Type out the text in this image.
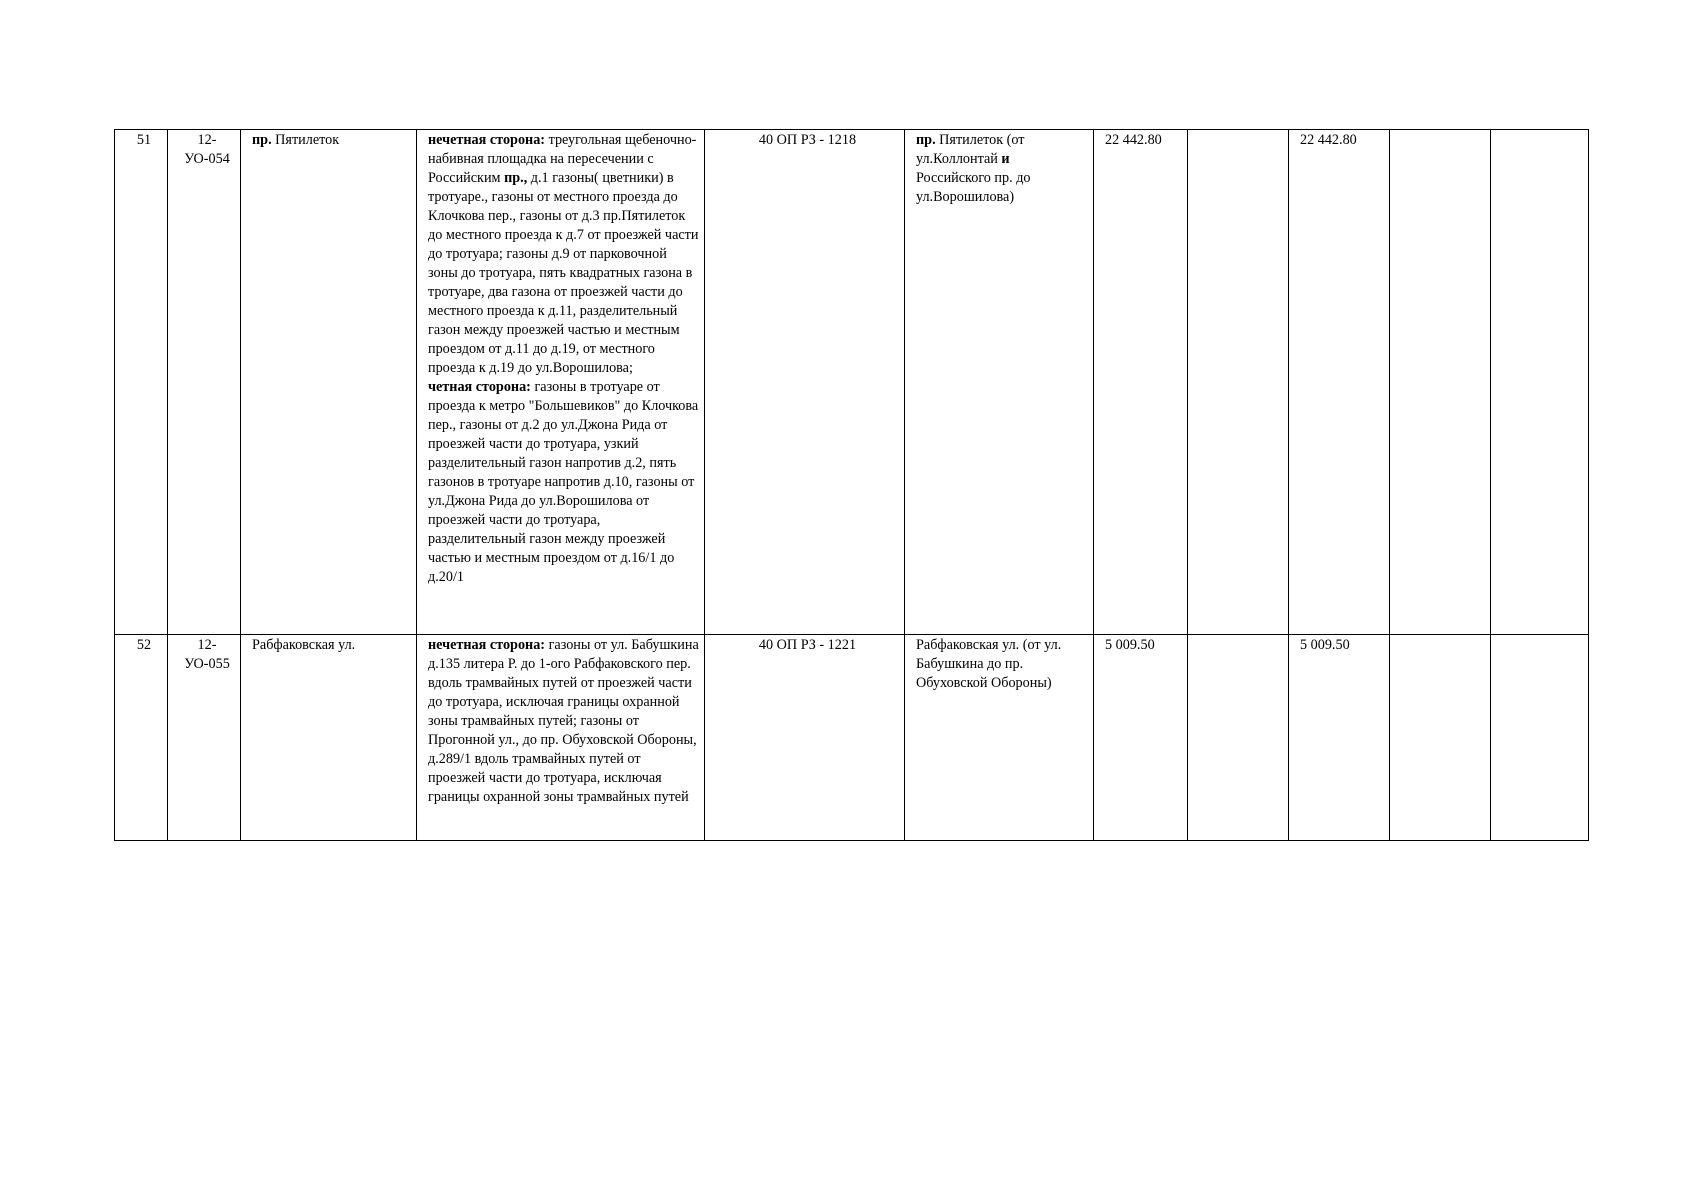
51	12-УО-054	пр. Пятилеток	нечетная сторона: треугольная щебеночно-набивная площадка на пересечении с Российским пр., д.1 газоны( цветники) в тротуаре., газоны от местного проезда до Клочкова пер., газоны от д.3 пр.Пятилеток до местного проезда к д.7 от проезжей части до тротуара; газоны д.9 от парковочной зоны до тротуара, пять квадратных газона в тротуаре, два газона от проезжей части до местного проезда к д.11, разделительный газон между проезжей частью и местным проездом от д.11 до д.19, от местного проезда к д.19 до ул.Ворошилова;
четная сторона: газоны в тротуаре от проезда к метро "Большевиков" до Клочкова пер., газоны от д.2 до ул.Джона Рида от проезжей части до тротуара, узкий разделительный газон напротив д.2, пять газонов в тротуаре напротив д.10, газоны от ул.Джона Рида до ул.Ворошилова от проезжей части до тротуара, разделительный газон между проезжей частью и местным проездом от д.16/1 до д.20/1	40 ОП РЗ - 1218	пр. Пятилеток (от ул.Коллонтай и Российского пр. до ул.Ворошилова)	22 442.80		22 442.80		
52	12-УО-055	Рабфаковская ул.	нечетная сторона: газоны от ул. Бабушкина д.135 литера Р. до 1-ого Рабфаковского пер. вдоль трамвайных путей от проезжей части до тротуара, исключая границы охранной зоны трамвайных путей; газоны от Прогонной ул., до пр. Обуховской Обороны, д.289/1 вдоль трамвайных путей от проезжей части до тротуара, исключая границы охранной зоны трамвайных путей	40 ОП РЗ - 1221	Рабфаковская ул. (от ул. Бабушкина до пр. Обуховской Обороны)	5 009.50		5 009.50		
